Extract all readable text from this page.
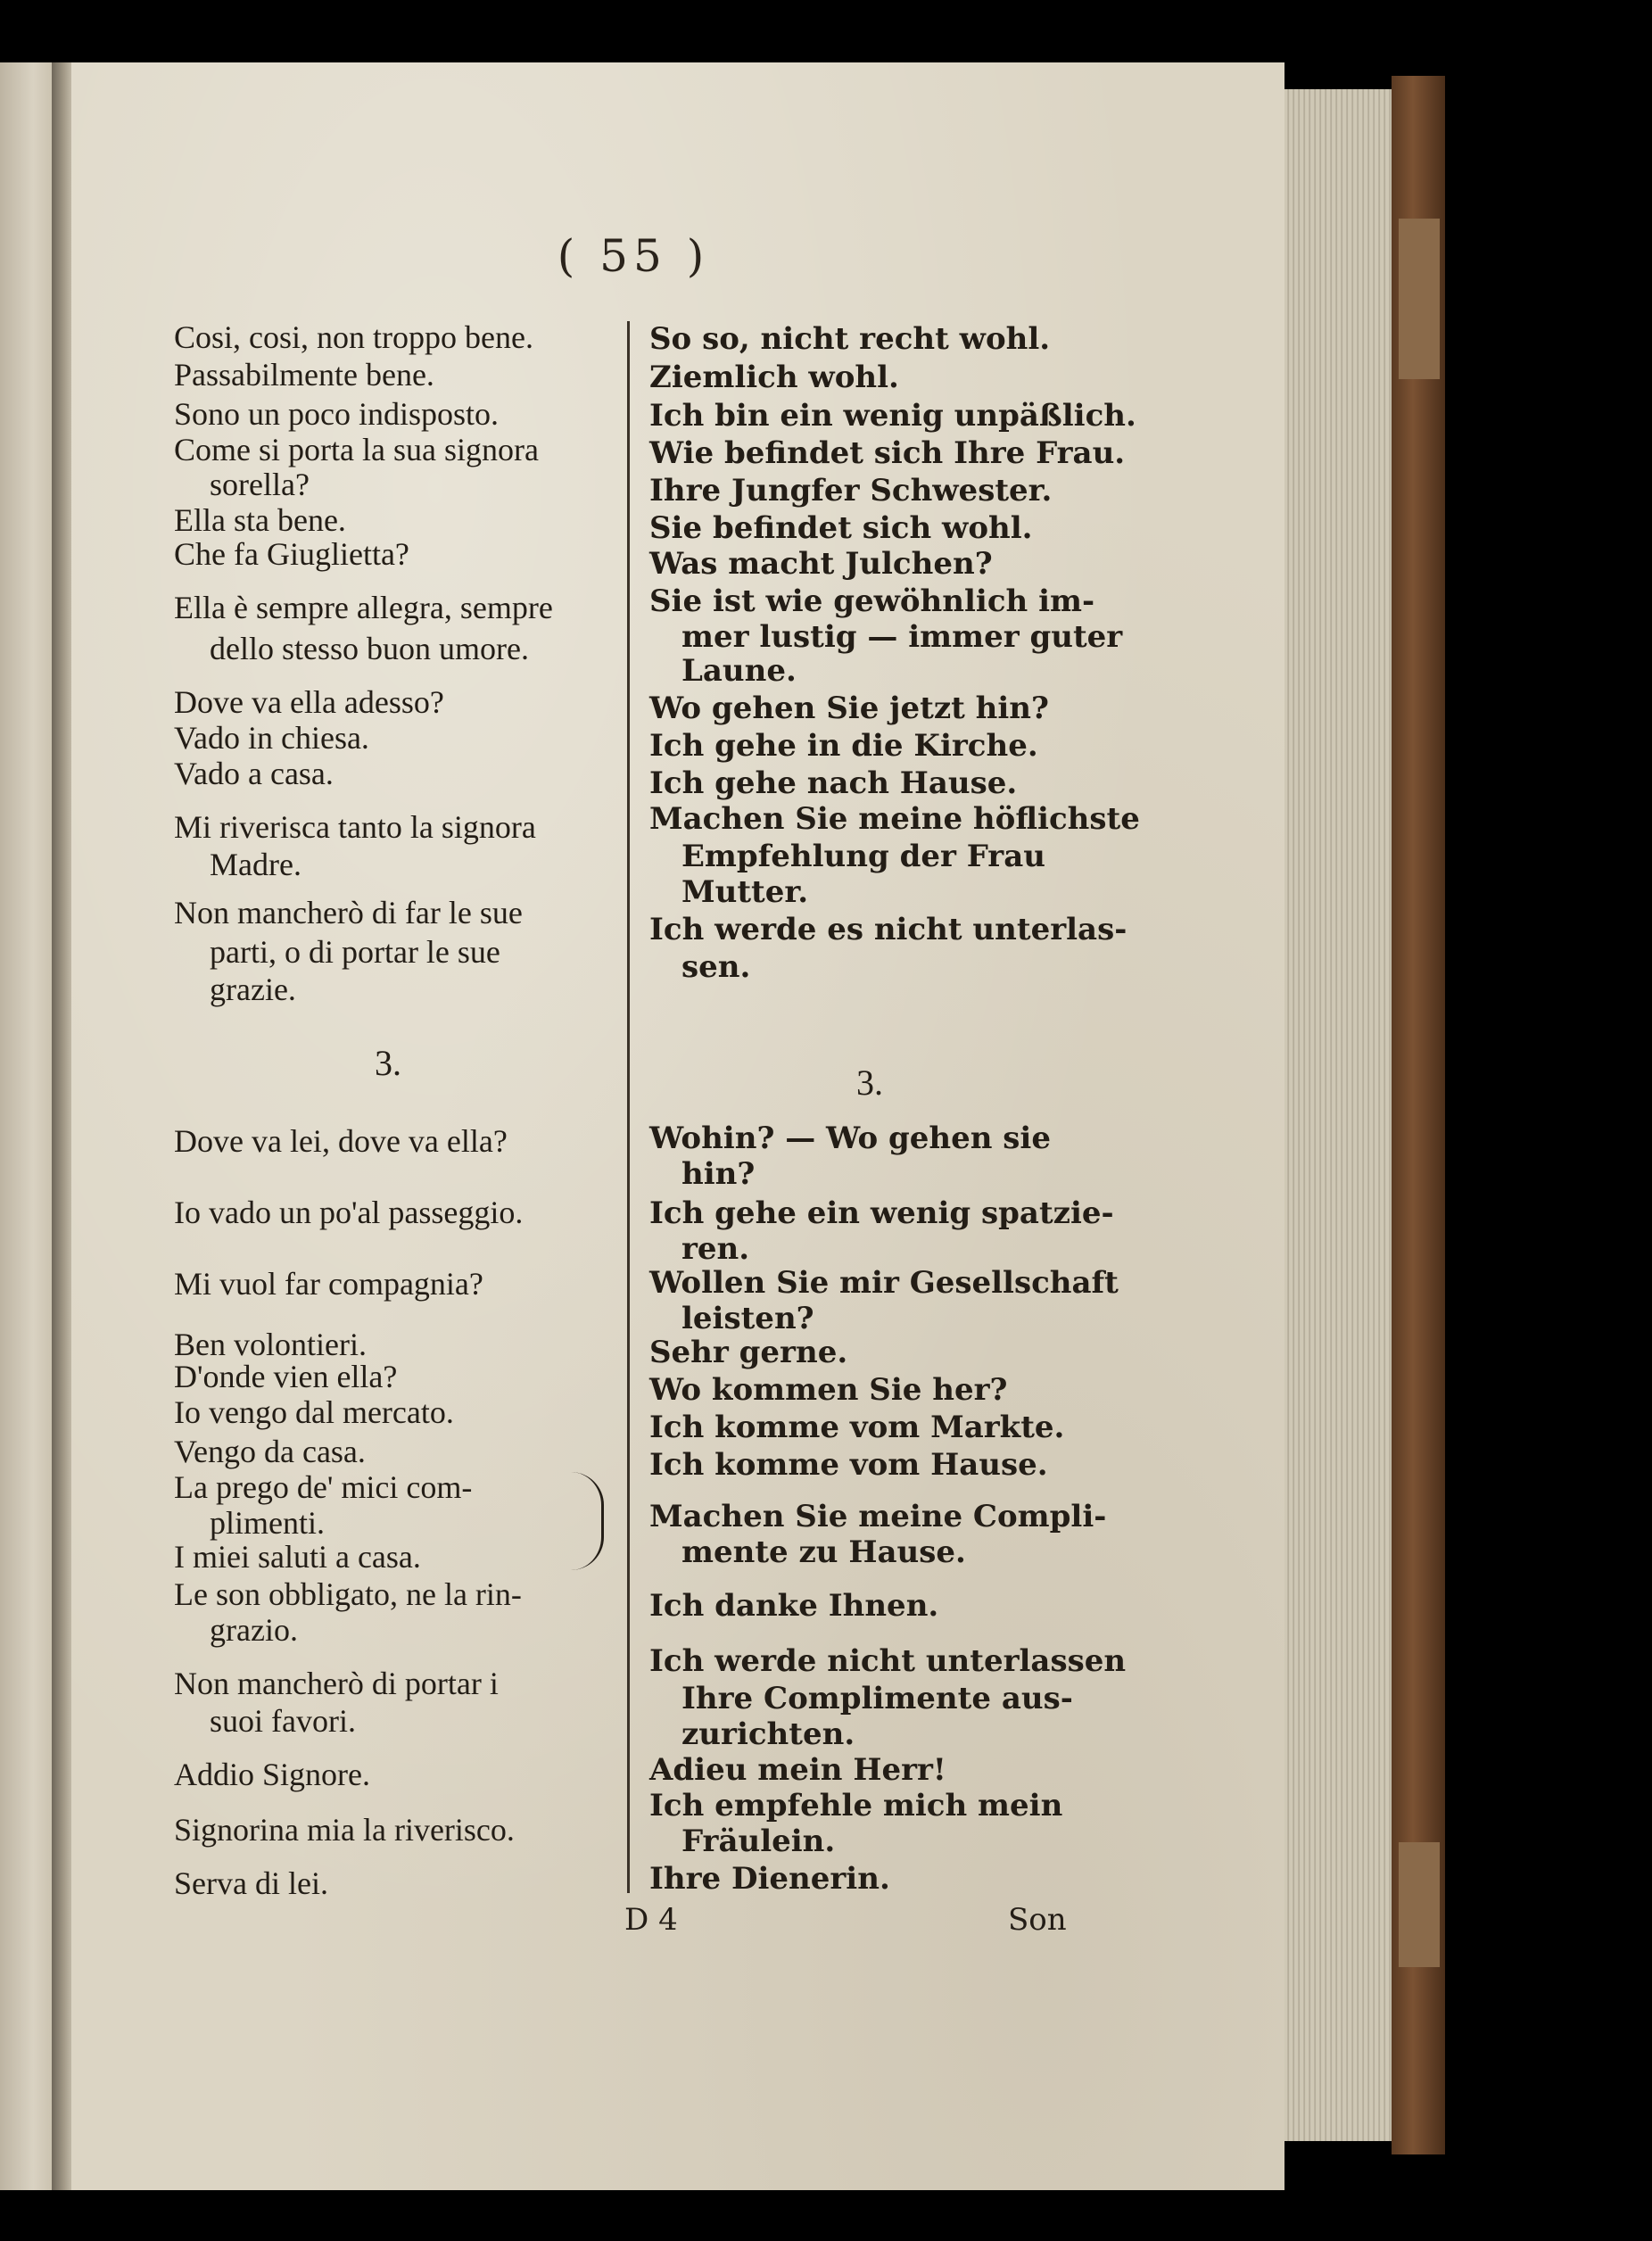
( 55 )
Cosi, cosi, non troppo bene.
Passabilmente bene.
Sono un poco indisposto.
Come si porta la sua signora
sorella?
Ella sta bene.
Che fa Giuglietta?
Ella è sempre allegra, sempre
dello stesso buon umore.
Dove va ella adesso?
Vado in chiesa.
Vado a casa.
Mi riverisca tanto la signora
Madre.
Non mancherò di far le sue
parti, o di portar le sue
grazie.
So so, nicht recht wohl.
Ziemlich wohl.
Ich bin ein wenig unpäßlich.
Wie befindet sich Ihre Frau.
Ihre Jungfer Schwester.
Sie befindet sich wohl.
Was macht Julchen?
Sie ist wie gewöhnlich im-
mer lustig — immer guter
Laune.
Wo gehen Sie jetzt hin?
Ich gehe in die Kirche.
Ich gehe nach Hause.
Machen Sie meine höflichste
Empfehlung der Frau
Mutter.
Ich werde es nicht unterlas-
sen.
3.	3.
Dove va lei, dove va ella?
Io vado un po'al passeggio.
Mi vuol far compagnia?
Ben volontieri.
D'onde vien ella?
Io vengo dal mercato.
Vengo da casa.
La prego de' mici com-
plimenti.
I miei saluti a casa.
Le son obbligato, ne la rin-
grazio.
Non mancherò di portar i
suoi favori.
Addio Signore.
Signorina mia la riverisco.
Serva di lei.
Wohin? — Wo gehen sie
hin?
Ich gehe ein wenig spatzie-
ren.
Wollen Sie mir Gesellschaft
leisten?
Sehr gerne.
Wo kommen Sie her?
Ich komme vom Markte.
Ich komme vom Hause.
Machen Sie meine Compli-
mente zu Hause.
Ich danke Ihnen.
Ich werde nicht unterlassen
Ihre Complimente aus-
zurichten.
Adieu mein Herr!
Ich empfehle mich mein
Fräulein.
Ihre Dienerin.
D 4	Son
